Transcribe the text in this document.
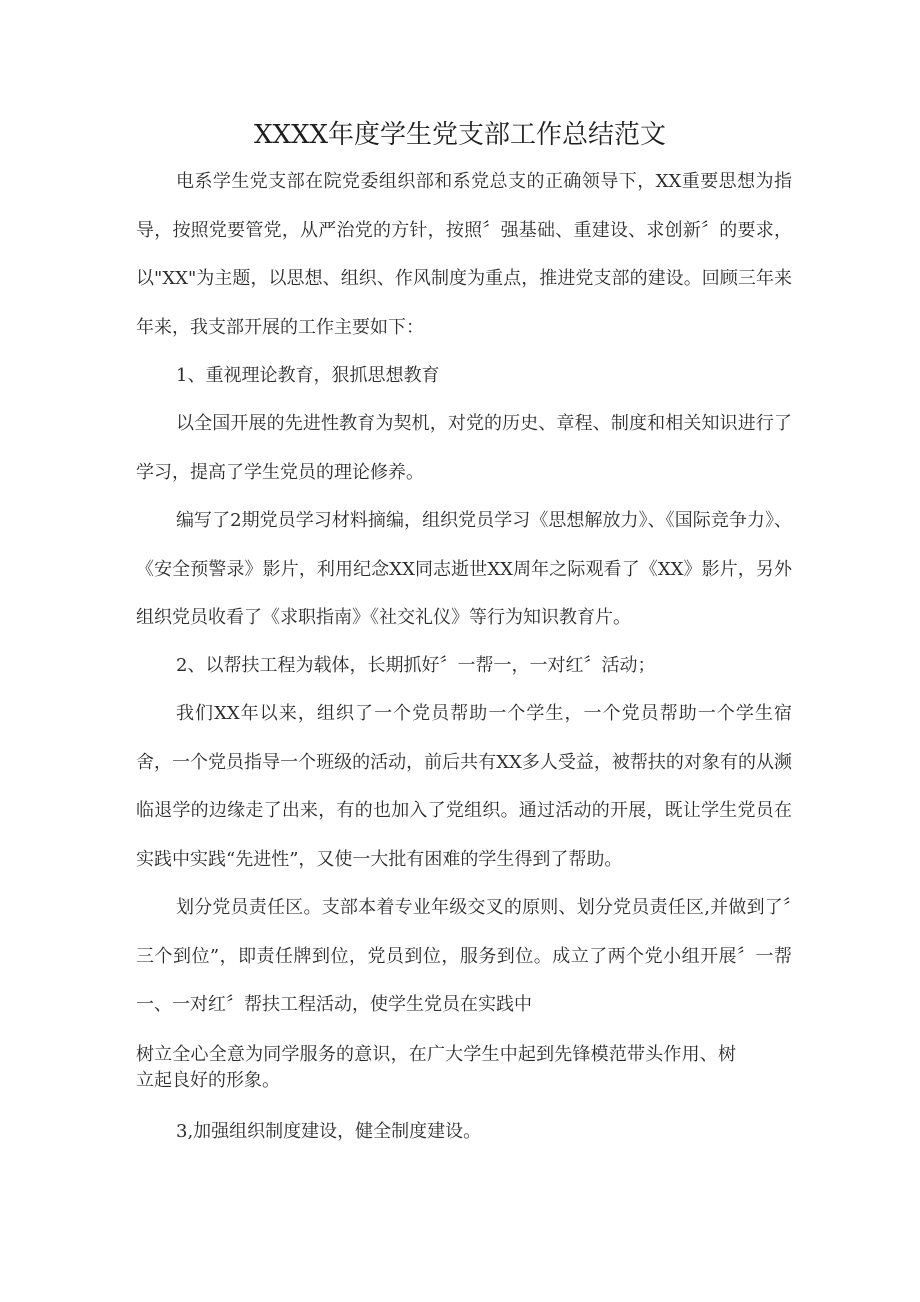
XXXX年度学生党支部工作总结范文

电系学生党支部在院党委组织部和系党总支的正确领导下，XX重要思想为指导，按照党要管党，从严治党的方针，按照〞强基础、重建设、求创新〞的要求，以"XX"为主题，以思想、组织、作风制度为重点，推进党支部的建设。回顾三年来年来，我支部开展的工作主要如下：

1、重视理论教育，狠抓思想教育

以全国开展的先进性教育为契机，对党的历史、章程、制度和相关知识进行了学习，提高了学生党员的理论修养。

编写了2期党员学习材料摘编，组织党员学习《思想解放力》、《国际竞争力》、《安全预警录》影片，利用纪念XX同志逝世XX周年之际观看了《XX》影片，另外组织党员收看了《求职指南》《社交礼仪》等行为知识教育片。

2、以帮扶工程为载体，长期抓好〞一帮一，一对红〞活动；

我们XX年以来，组织了一个党员帮助一个学生，一个党员帮助一个学生宿舍，一个党员指导一个班级的活动，前后共有XX多人受益，被帮扶的对象有的从濒临退学的边缘走了出来，有的也加入了党组织。通过活动的开展，既让学生党员在实践中实践“先进性”，又使一大批有困难的学生得到了帮助。

划分党员责任区。支部本着专业年级交叉的原则、划分党员责任区,并做到了〞三个到位”，即责任牌到位，党员到位，服务到位。成立了两个党小组开展〞一帮一、一对红〞帮扶工程活动，使学生党员在实践中

树立全心全意为同学服务的意识，在广大学生中起到先锋模范带头作用、树立起良好的形象。

3,加强组织制度建设，健全制度建设。
